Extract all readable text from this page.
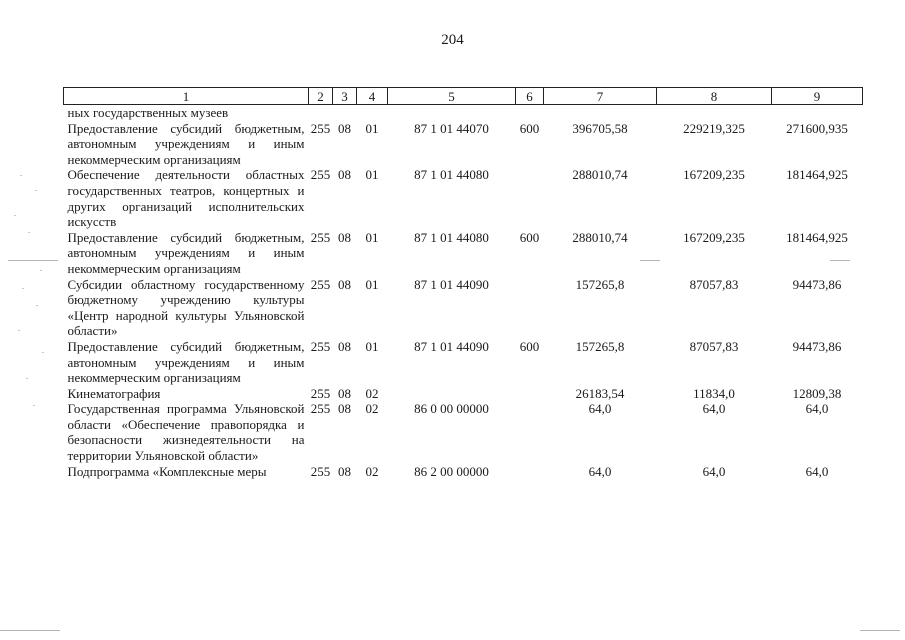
204
1	2	3	4	5	6	7	8	9
ных государственных музеев								
Предоставление субсидий бюджетным, автономным учреждениям и иным некоммерческим организациям	255	08	01	87 1 01 44070	600	396705,58	229219,325	271600,935
Обеспечение деятельности областных государственных театров, концертных и других организаций исполнительских искусств	255	08	01	87 1 01 44080		288010,74	167209,235	181464,925
Предоставление субсидий бюджетным, автономным учреждениям и иным некоммерческим организациям	255	08	01	87 1 01 44080	600	288010,74	167209,235	181464,925
Субсидии областному государственному бюджетному учреждению культуры «Центр народной культуры Ульяновской области»	255	08	01	87 1 01 44090		157265,8	87057,83	94473,86
Предоставление субсидий бюджетным, автономным учреждениям и иным некоммерческим организациям	255	08	01	87 1 01 44090	600	157265,8	87057,83	94473,86
Кинематография	255	08	02			26183,54	11834,0	12809,38
Государственная программа Ульяновской области «Обеспечение правопорядка и безопасности жизнедеятельности на территории Ульяновской области»	255	08	02	86 0 00 00000		64,0	64,0	64,0
Подпрограмма «Комплексные меры	255	08	02	86 2 00 00000		64,0	64,0	64,0
